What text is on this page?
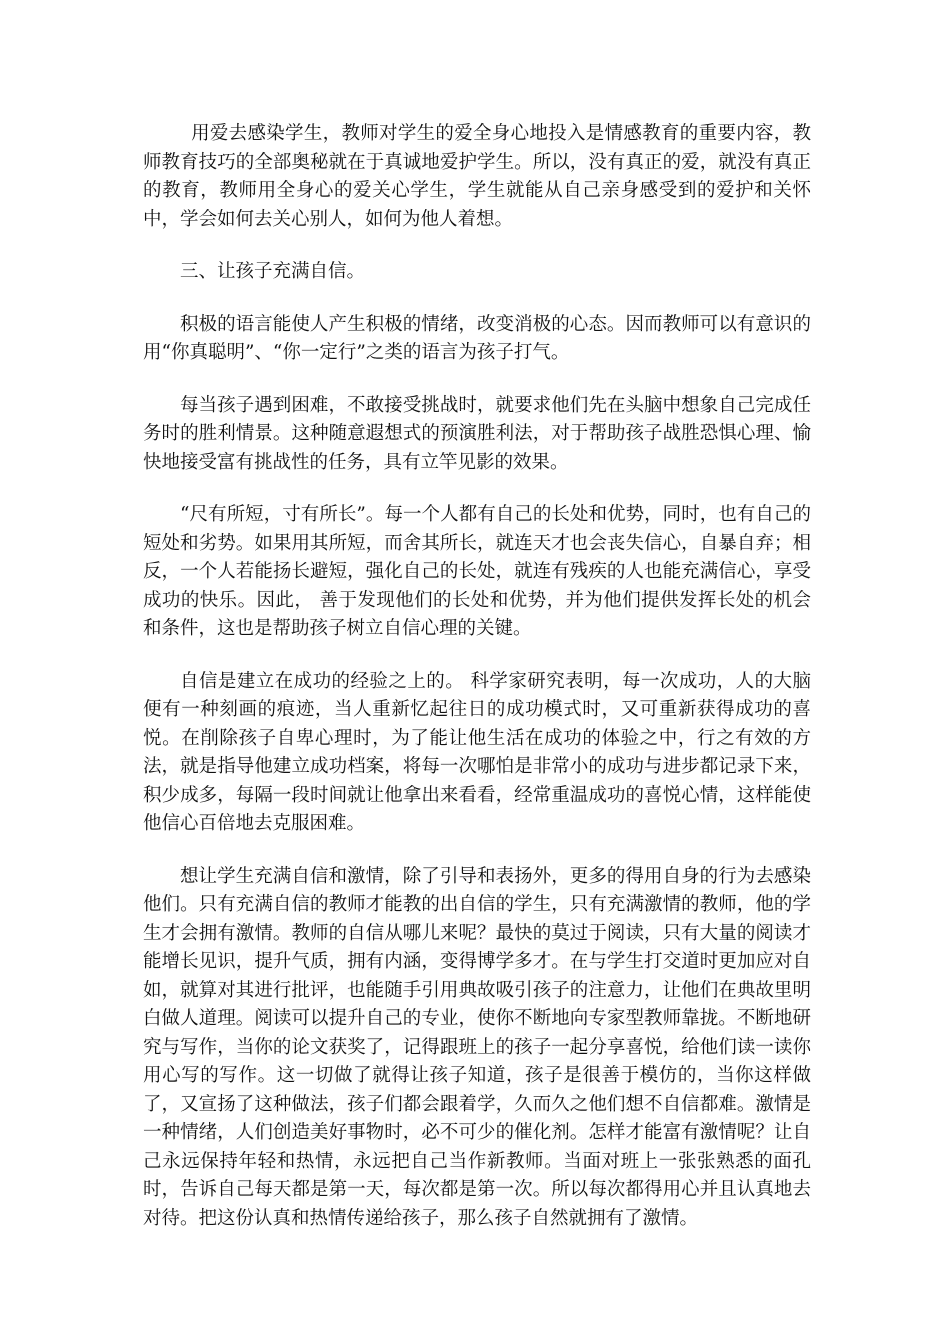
用爱去感染学生，教师对学生的爱全身心地投入是情感教育的重要内容，教师教育技巧的全部奥秘就在于真诚地爱护学生。所以，没有真正的爱，就没有真正的教育，教师用全身心的爱关心学生，学生就能从自己亲身感受到的爱护和关怀中，学会如何去关心别人，如何为他人着想。

三、让孩子充满自信。

积极的语言能使人产生积极的情绪，改变消极的心态。因而教师可以有意识的用“你真聪明”、“你一定行”之类的语言为孩子打气。

每当孩子遇到困难，不敢接受挑战时，就要求他们先在头脑中想象自己完成任务时的胜利情景。这种随意遐想式的预演胜利法，对于帮助孩子战胜恐惧心理、愉快地接受富有挑战性的任务，具有立竿见影的效果。

“尺有所短，寸有所长”。每一个人都有自己的长处和优势，同时，也有自己的短处和劣势。如果用其所短，而舍其所长，就连天才也会丧失信心，自暴自弃；相反，一个人若能扬长避短，强化自己的长处，就连有残疾的人也能充满信心，享受成功的快乐。因此， 善于发现他们的长处和优势，并为他们提供发挥长处的机会和条件，这也是帮助孩子树立自信心理的关键。

自信是建立在成功的经验之上的。 科学家研究表明，每一次成功，人的大脑便有一种刻画的痕迹，当人重新忆起往日的成功模式时，又可重新获得成功的喜悦。在削除孩子自卑心理时，为了能让他生活在成功的体验之中，行之有效的方法，就是指导他建立成功档案，将每一次哪怕是非常小的成功与进步都记录下来，积少成多，每隔一段时间就让他拿出来看看，经常重温成功的喜悦心情，这样能使他信心百倍地去克服困难。

想让学生充满自信和激情，除了引导和表扬外，更多的得用自身的行为去感染他们。只有充满自信的教师才能教的出自信的学生，只有充满激情的教师，他的学生才会拥有激情。教师的自信从哪儿来呢？最快的莫过于阅读，只有大量的阅读才能增长见识，提升气质，拥有内涵，变得博学多才。在与学生打交道时更加应对自如，就算对其进行批评，也能随手引用典故吸引孩子的注意力，让他们在典故里明白做人道理。阅读可以提升自己的专业，使你不断地向专家型教师靠拢。不断地研究与写作，当你的论文获奖了，记得跟班上的孩子一起分享喜悦，给他们读一读你用心写的写作。这一切做了就得让孩子知道，孩子是很善于模仿的，当你这样做了，又宣扬了这种做法，孩子们都会跟着学，久而久之他们想不自信都难。激情是一种情绪，人们创造美好事物时，必不可少的催化剂。怎样才能富有激情呢？让自己永远保持年轻和热情，永远把自己当作新教师。当面对班上一张张熟悉的面孔时，告诉自己每天都是第一天，每次都是第一次。所以每次都得用心并且认真地去对待。把这份认真和热情传递给孩子，那么孩子自然就拥有了激情。
